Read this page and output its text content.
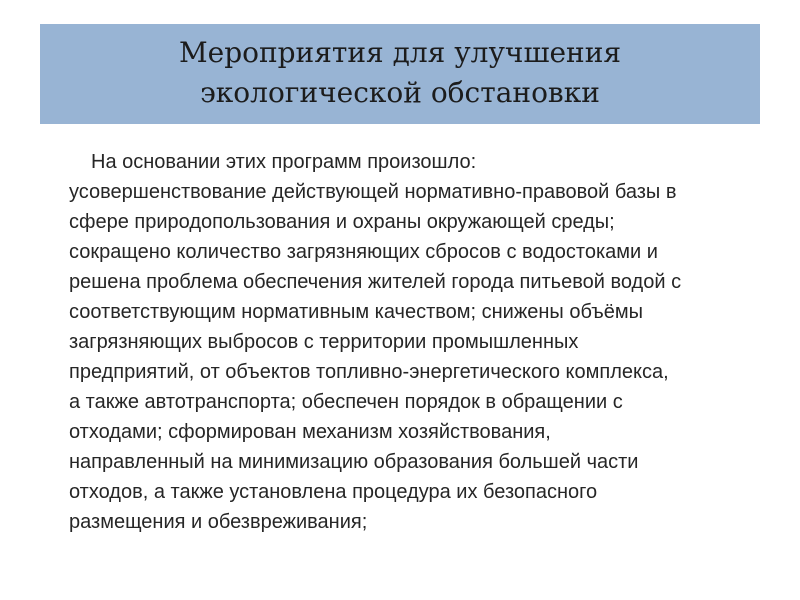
Мероприятия для улучшения
экологической обстановки
На основании этих программ произошло:
усовершенствование действующей нормативно-правовой базы в
сфере природопользования и охраны окружающей среды;
сокращено количество загрязняющих сбросов с водостоками и
решена проблема обеспечения жителей города питьевой водой с
соответствующим нормативным качеством; снижены объёмы
загрязняющих выбросов с территории промышленных
предприятий, от объектов топливно-энергетического комплекса,
а также автотранспорта; обеспечен порядок в обращении с
отходами; сформирован механизм хозяйствования,
направленный на минимизацию образования большей части
отходов, а также установлена процедура их безопасного
размещения и обезвреживания;
